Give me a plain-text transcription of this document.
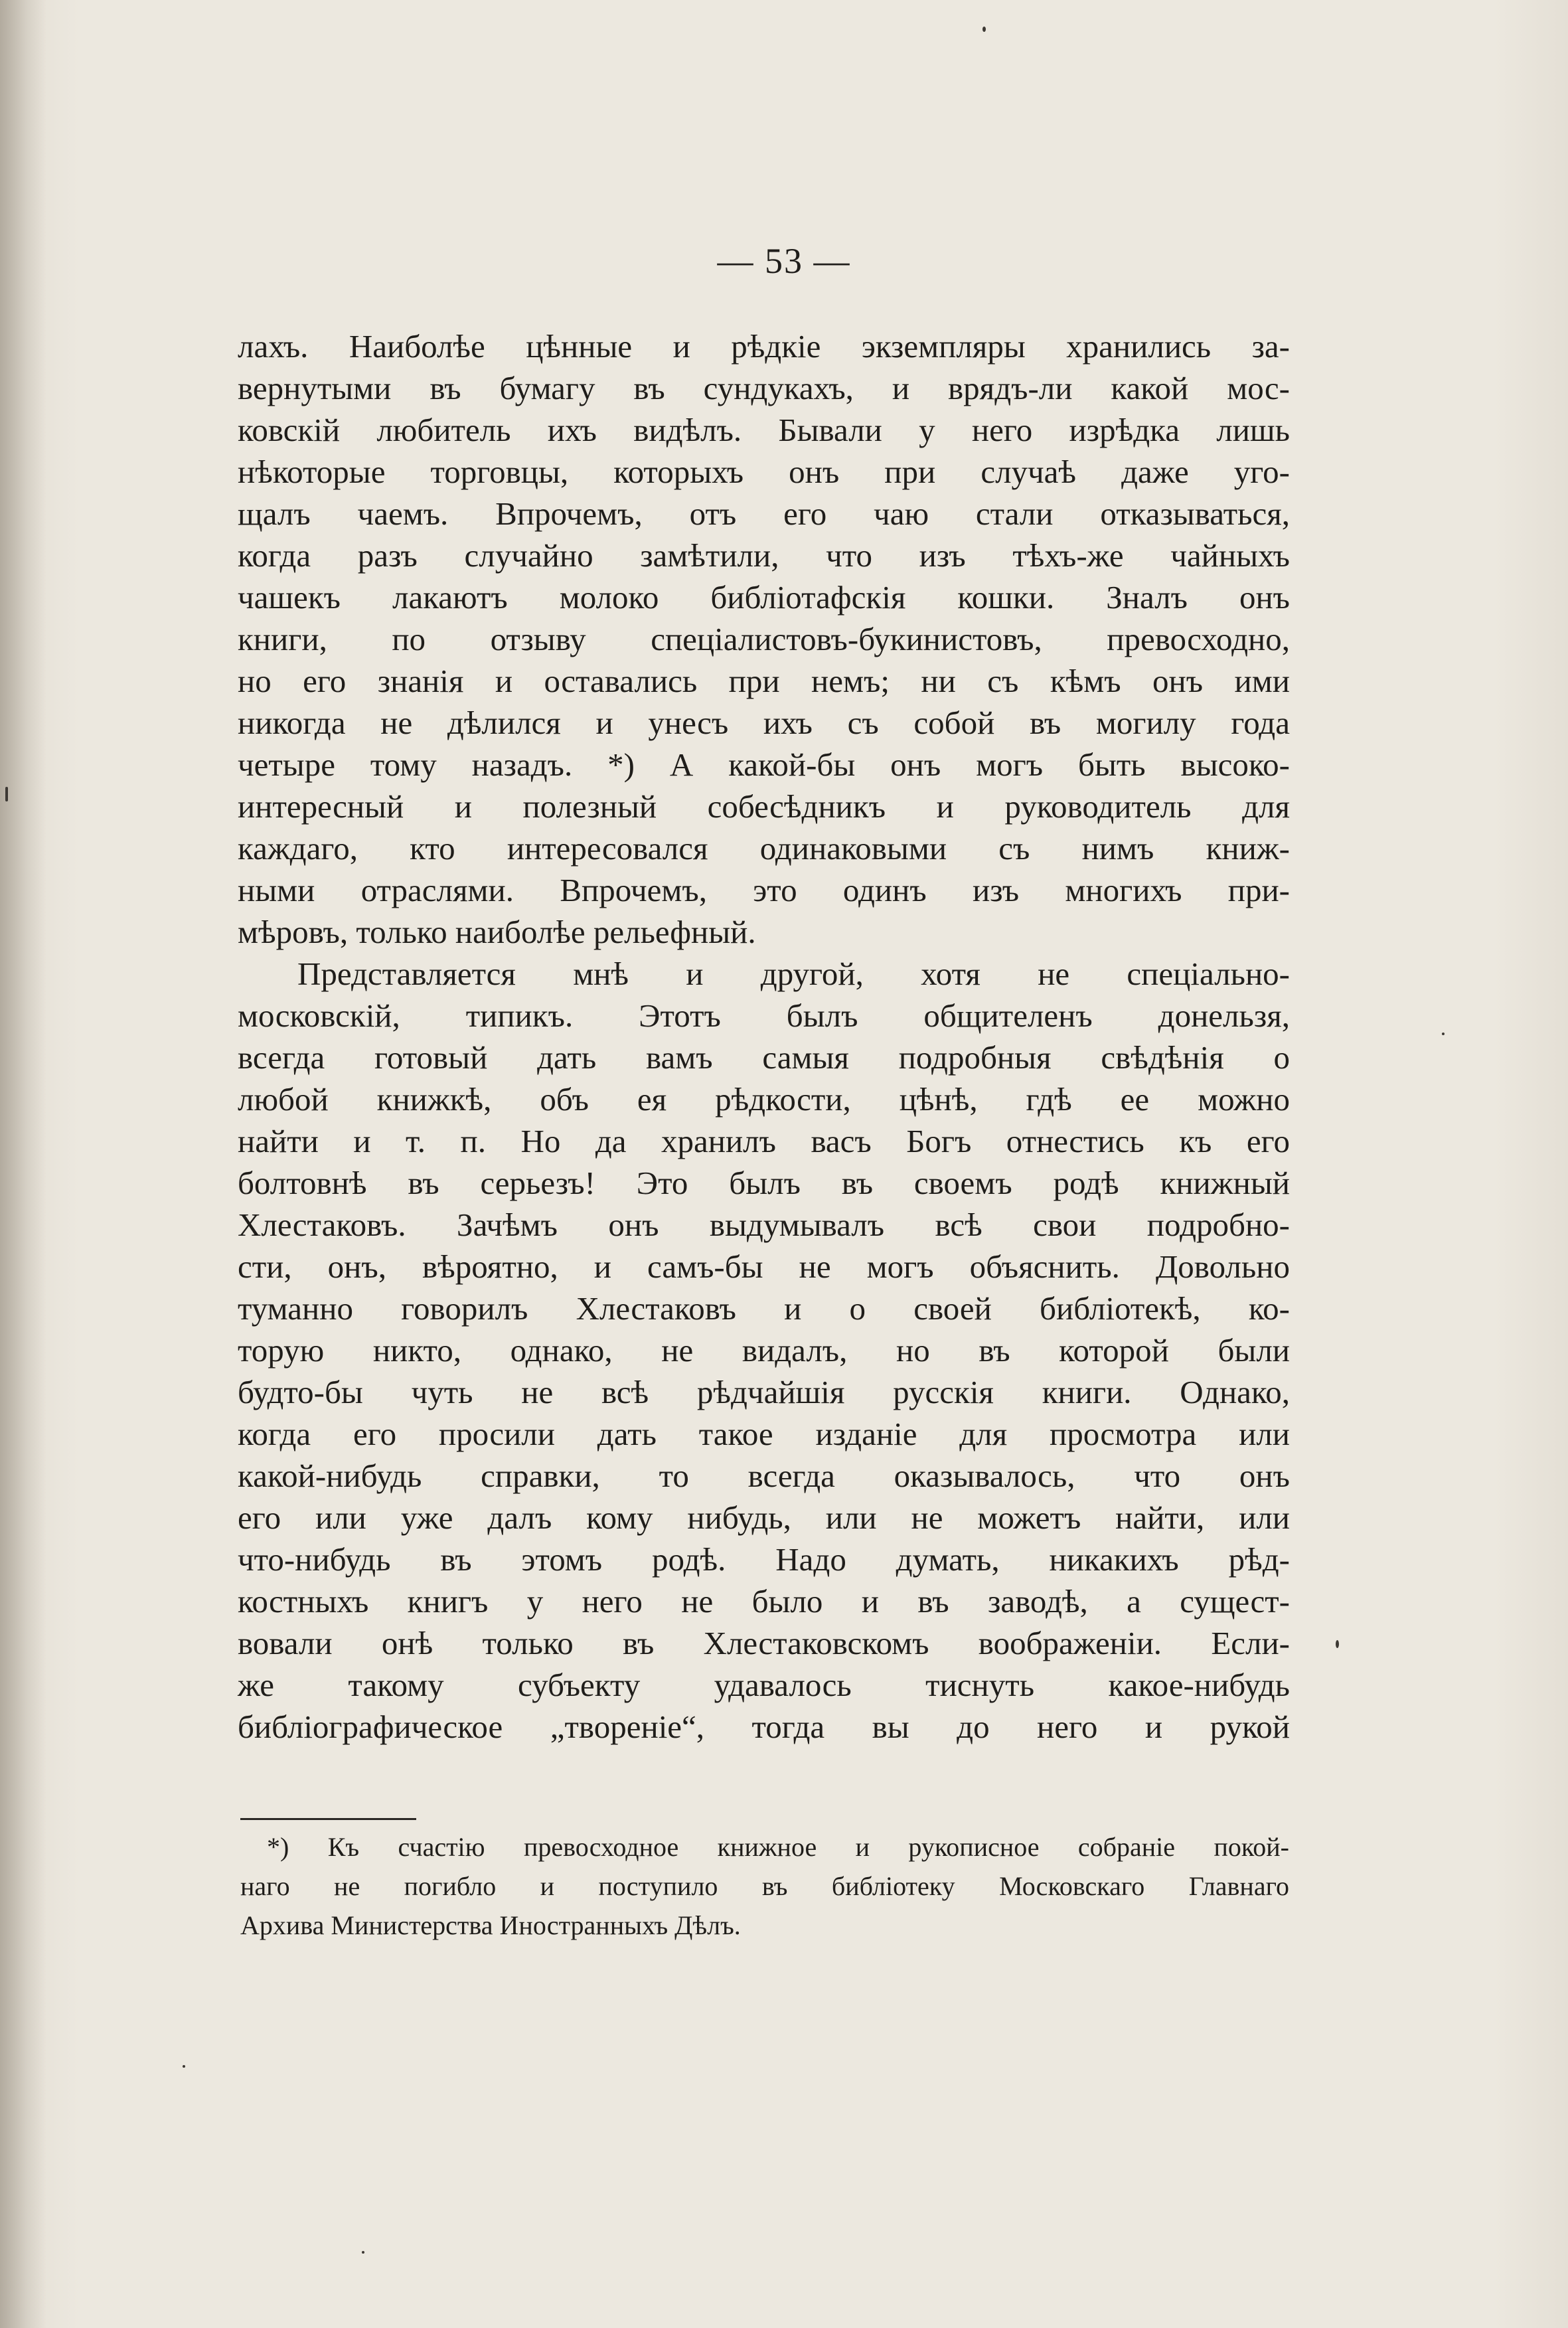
— 53 —
лахъ. Наиболѣе цѣнные и рѣдкіе экземпляры хранились за-
вернутыми въ бумагу въ сундукахъ, и врядъ-ли какой мос-
ковскій любитель ихъ видѣлъ. Бывали у него изрѣдка лишь
нѣкоторые торговцы, которыхъ онъ при случаѣ даже уго-
щалъ чаемъ. Впрочемъ, отъ его чаю стали отказываться,
когда разъ случайно замѣтили, что изъ тѣхъ-же чайныхъ
чашекъ лакаютъ молоко библіотафскія кошки. Зналъ онъ
книги, по отзыву спеціалистовъ-букинистовъ, превосходно,
но его знанія и оставались при немъ; ни съ кѣмъ онъ ими
никогда не дѣлился и унесъ ихъ съ собой въ могилу года
четыре тому назадъ. *) А какой-бы онъ могъ быть высоко-
интересный и полезный собесѣдникъ и руководитель для
каждаго, кто интересовался одинаковыми съ нимъ книж-
ными отраслями. Впрочемъ, это одинъ изъ многихъ при-
мѣровъ, только наиболѣе рельефный.
Представляется мнѣ и другой, хотя не спеціально-
московскій, типикъ. Этотъ былъ общителенъ донельзя,
всегда готовый дать вамъ самыя подробныя свѣдѣнія о
любой книжкѣ, объ ея рѣдкости, цѣнѣ, гдѣ ее можно
найти и т. п. Но да хранилъ васъ Богъ отнестись къ его
болтовнѣ въ серьезъ! Это былъ въ своемъ родѣ книжный
Хлестаковъ. Зачѣмъ онъ выдумывалъ всѣ свои подробно-
сти, онъ, вѣроятно, и самъ-бы не могъ объяснить. Довольно
туманно говорилъ Хлестаковъ и о своей библіотекѣ, ко-
торую никто, однако, не видалъ, но въ которой были
будто-бы чуть не всѣ рѣдчайшія русскія книги. Однако,
когда его просили дать такое изданіе для просмотра или
какой-нибудь справки, то всегда оказывалось, что онъ
его или уже далъ кому нибудь, или не можетъ найти, или
что-нибудь въ этомъ родѣ. Надо думать, никакихъ рѣд-
костныхъ книгъ у него не было и въ заводѣ, а сущест-
вовали онѣ только въ Хлестаковскомъ воображеніи. Если-
же такому субъекту удавалось тиснуть какое-нибудь
библіографическое „твореніе“, тогда вы до него и рукой
*) Къ счастію превосходное книжное и рукописное собраніе покой-
наго не погибло и поступило въ библіотеку Московскаго Главнаго
Архива Министерства Иностранныхъ Дѣлъ.
